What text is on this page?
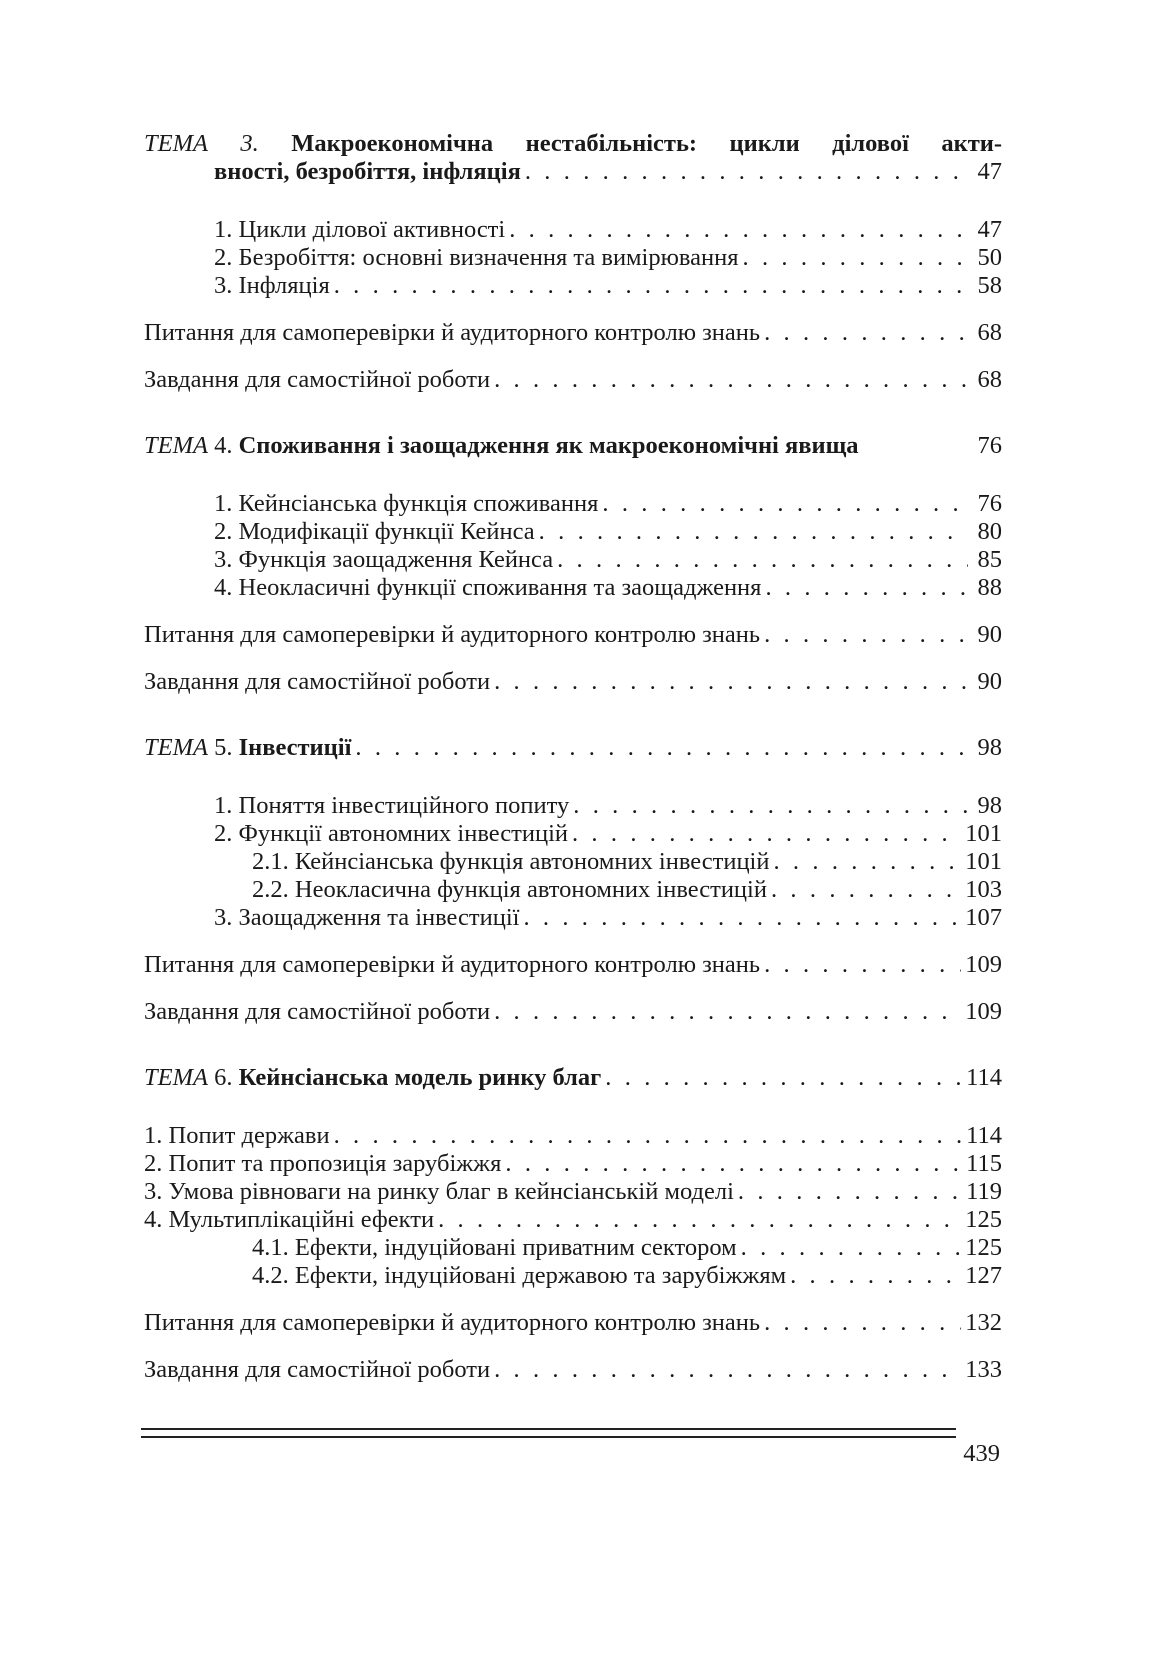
ТЕМА 3. Макроекономічна нестабільність: цикли ділової акти-
вності, безробіття, інфляція . . .	47
1. Цикли ділової активності . . .	47
2. Безробіття: основні визначення та вимірювання . . .	50
3. Інфляція . . .	58
Питання для самоперевірки й аудиторного контролю знань . . .	68
Завдання для самостійної роботи . . .	68
ТЕМА 4. Споживання і заощадження як макроекономічні явища	76
1. Кейнсіанська функція споживання . . .	76
2. Модифікації функції Кейнса . . .	80
3. Функція заощадження Кейнса . . .	85
4. Неокласичні функції споживання та заощадження . . .	88
Питання для самоперевірки й аудиторного контролю знань . . .	90
Завдання для самостійної роботи . . .	90
ТЕМА 5. Інвестиції . . .	98
1. Поняття інвестиційного попиту . . .	98
2. Функції автономних інвестицій . . .	101
2.1. Кейнсіанська функція автономних інвестицій . . .	101
2.2. Неокласична функція автономних інвестицій . . .	103
3. Заощадження та інвестиції . . .	107
Питання для самоперевірки й аудиторного контролю знань . . .	109
Завдання для самостійної роботи . . .	109
ТЕМА 6. Кейнсіанська модель ринку благ . . .	114
1. Попит держави . . .	114
2. Попит та пропозиція зарубіжжя . . .	115
3. Умова рівноваги на ринку благ в кейнсіанській моделі . . .	119
4. Мультиплікаційні ефекти . . .	125
4.1. Ефекти, індуційовані приватним сектором . . .	125
4.2. Ефекти, індуційовані державою та зарубіжжям . . .	127
Питання для самоперевірки й аудиторного контролю знань . . .	132
Завдання для самостійної роботи . . .	133
439
